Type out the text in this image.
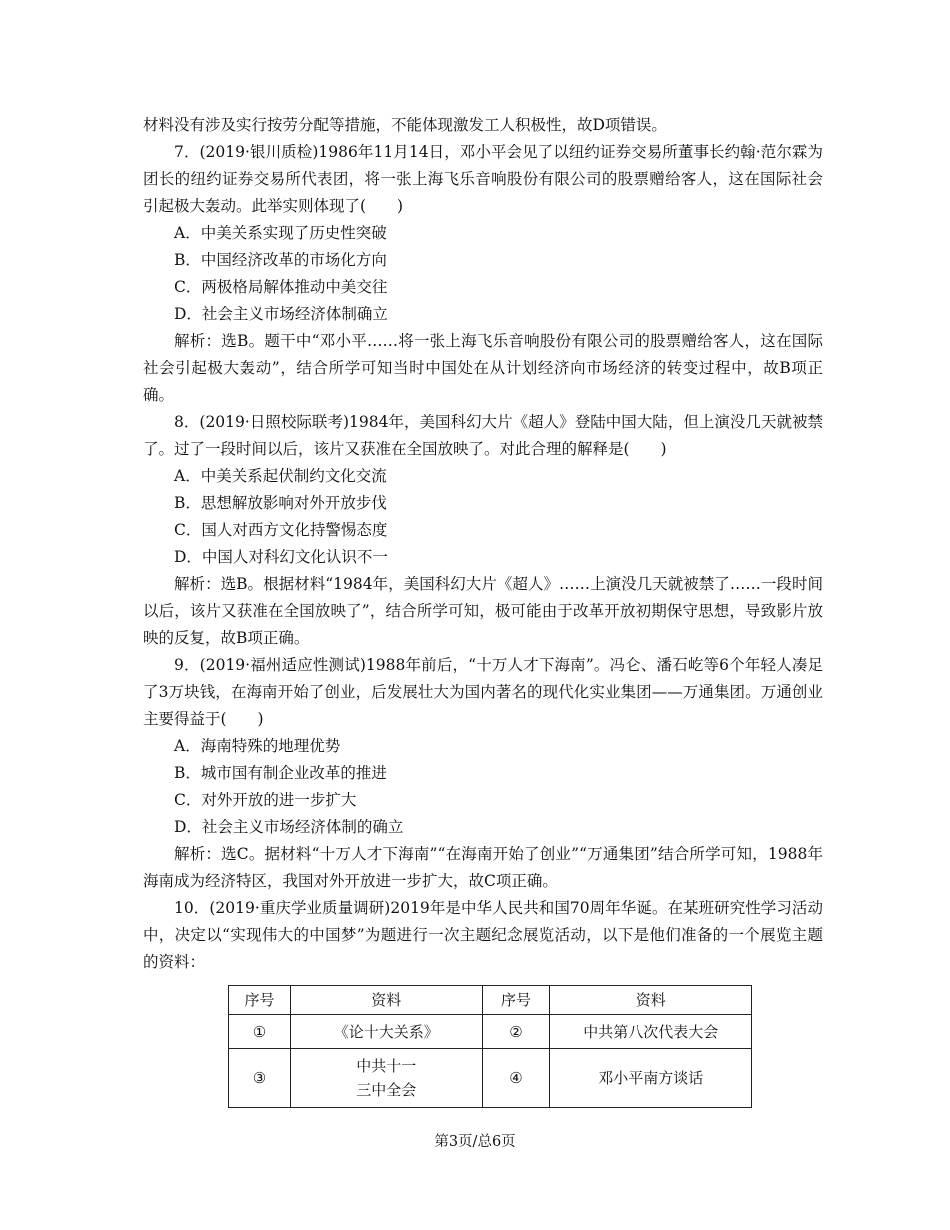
材料没有涉及实行按劳分配等措施，不能体现激发工人积极性，故D项错误。

7．(2019·银川质检)1986年11月14日，邓小平会见了以纽约证券交易所董事长约翰·范尔霖为团长的纽约证券交易所代表团，将一张上海飞乐音响股份有限公司的股票赠给客人，这在国际社会引起极大轰动。此举实则体现了(　　)

A．中美关系实现了历史性突破

B．中国经济改革的市场化方向

C．两极格局解体推动中美交往

D．社会主义市场经济体制确立

解析：选B。题干中“邓小平……将一张上海飞乐音响股份有限公司的股票赠给客人，这在国际社会引起极大轰动”，结合所学可知当时中国处在从计划经济向市场经济的转变过程中，故B项正确。

8．(2019·日照校际联考)1984年，美国科幻大片《超人》登陆中国大陆，但上演没几天就被禁了。过了一段时间以后，该片又获准在全国放映了。对此合理的解释是(　　)

A．中美关系起伏制约文化交流

B．思想解放影响对外开放步伐

C．国人对西方文化持警惕态度

D．中国人对科幻文化认识不一

解析：选B。根据材料“1984年，美国科幻大片《超人》……上演没几天就被禁了……一段时间以后，该片又获准在全国放映了”，结合所学可知，极可能由于改革开放初期保守思想，导致影片放映的反复，故B项正确。

9．(2019·福州适应性测试)1988年前后，“十万人才下海南”。冯仑、潘石屹等6个年轻人凑足了3万块钱，在海南开始了创业，后发展壮大为国内著名的现代化实业集团——万通集团。万通创业主要得益于(　　)

A．海南特殊的地理优势

B．城市国有制企业改革的推进

C．对外开放的进一步扩大

D．社会主义市场经济体制的确立

解析：选C。据材料“十万人才下海南”“在海南开始了创业”“万通集团”结合所学可知，1988年海南成为经济特区，我国对外开放进一步扩大，故C项正确。

10．(2019·重庆学业质量调研)2019年是中华人民共和国70周年华诞。在某班研究性学习活动中，决定以“实现伟大的中国梦”为题进行一次主题纪念展览活动，以下是他们准备的一个展览主题的资料：

序号	资料	序号	资料
①	《论十大关系》	②	中共第八次代表大会
③	中共十一
三中全会	④	邓小平南方谈话
第3页/总6页
